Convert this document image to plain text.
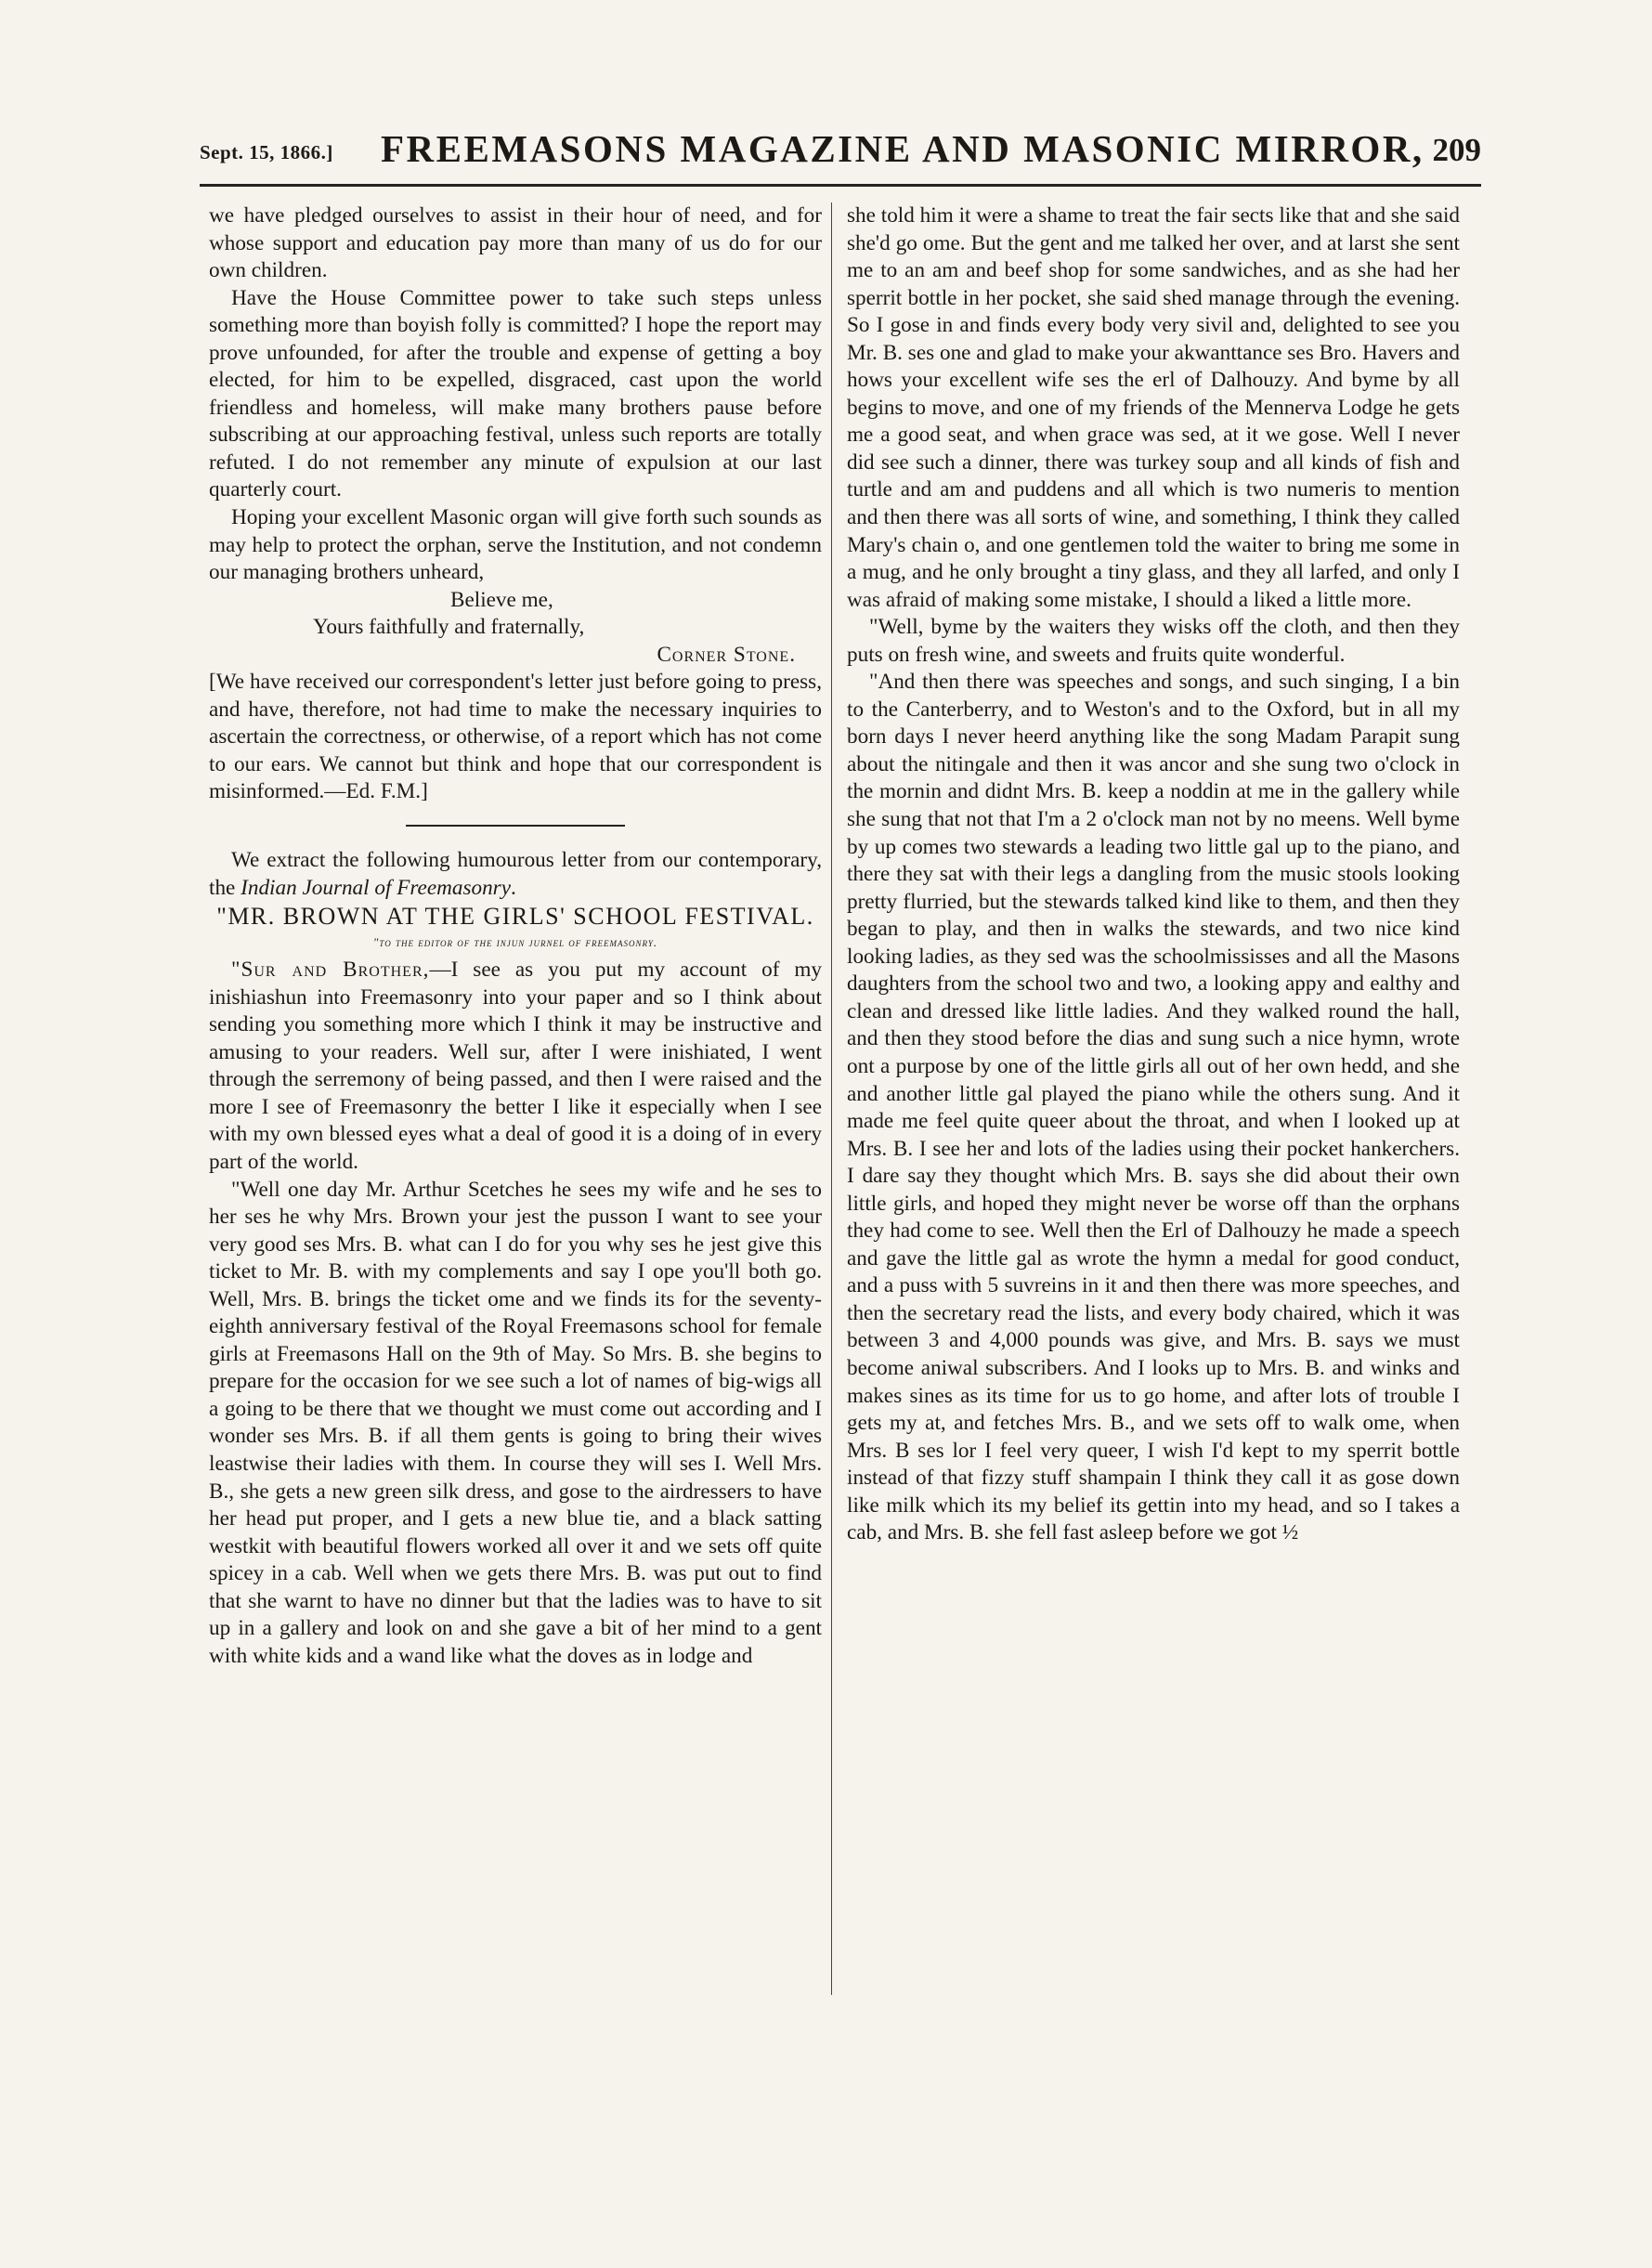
Sept. 15, 1866.] FREEMASONS MAGAZINE AND MASONIC MIRROR, 209

we have pledged ourselves to assist in their hour of need, and for whose support and education pay more than many of us do for our own children.

Have the House Committee power to take such steps unless something more than boyish folly is committed? I hope the report may prove unfounded, for after the trouble and expense of getting a boy elected, for him to be expelled, disgraced, cast upon the world friendless and homeless, will make many brothers pause before subscribing at our approaching festival, unless such reports are totally refuted. I do not remember any minute of expulsion at our last quarterly court.

Hoping your excellent Masonic organ will give forth such sounds as may help to protect the orphan, serve the Institution, and not condemn our managing brothers unheard,

Believe me,

Yours faithfully and fraternally,

Corner Stone.

[We have received our correspondent's letter just before going to press, and have, therefore, not had time to make the necessary inquiries to ascertain the correctness, or otherwise, of a report which has not come to our ears. We cannot but think and hope that our correspondent is misinformed.—Ed. F.M.]

We extract the following humourous letter from our contemporary, the Indian Journal of Freemasonry.

"MR. BROWN AT THE GIRLS' SCHOOL FESTIVAL.

"to the editor of the injun jurnel of freemasonry.

"Sur and Brother,—I see as you put my account of my inishiashun into Freemasonry into your paper and so I think about sending you something more which I think it may be instructive and amusing to your readers. Well sur, after I were inishiated, I went through the serremony of being passed, and then I were raised and the more I see of Freemasonry the better I like it especially when I see with my own blessed eyes what a deal of good it is a doing of in every part of the world.

"Well one day Mr. Arthur Scetches he sees my wife and he ses to her ses he why Mrs. Brown your jest the pusson I want to see your very good ses Mrs. B. what can I do for you why ses he jest give this ticket to Mr. B. with my complements and say I ope you'll both go. Well, Mrs. B. brings the ticket ome and we finds its for the seventy-eighth anniversary festival of the Royal Freemasons school for female girls at Freemasons Hall on the 9th of May. So Mrs. B. she begins to prepare for the occasion for we see such a lot of names of big-wigs all a going to be there that we thought we must come out according and I wonder ses Mrs. B. if all them gents is going to bring their wives leastwise their ladies with them. In course they will ses I. Well Mrs. B., she gets a new green silk dress, and gose to the airdressers to have her head put proper, and I gets a new blue tie, and a black satting westkit with beautiful flowers worked all over it and we sets off quite spicey in a cab. Well when we gets there Mrs. B. was put out to find that she warnt to have no dinner but that the ladies was to have to sit up in a gallery and look on and she gave a bit of her mind to a gent with white kids and a wand like what the doves as in lodge and

she told him it were a shame to treat the fair sects like that and she said she'd go ome. But the gent and me talked her over, and at larst she sent me to an am and beef shop for some sandwiches, and as she had her sperrit bottle in her pocket, she said shed manage through the evening. So I gose in and finds every body very sivil and, delighted to see you Mr. B. ses one and glad to make your akwanttance ses Bro. Havers and hows your excellent wife ses the erl of Dalhouzy. And byme by all begins to move, and one of my friends of the Mennerva Lodge he gets me a good seat, and when grace was sed, at it we gose. Well I never did see such a dinner, there was turkey soup and all kinds of fish and turtle and am and puddens and all which is two numeris to mention and then there was all sorts of wine, and something, I think they called Mary's chain o, and one gentlemen told the waiter to bring me some in a mug, and he only brought a tiny glass, and they all larfed, and only I was afraid of making some mistake, I should a liked a little more.

"Well, byme by the waiters they wisks off the cloth, and then they puts on fresh wine, and sweets and fruits quite wonderful.

"And then there was speeches and songs, and such singing, I a bin to the Canterberry, and to Weston's and to the Oxford, but in all my born days I never heerd anything like the song Madam Parapit sung about the nitingale and then it was ancor and she sung two o'clock in the mornin and didnt Mrs. B. keep a noddin at me in the gallery while she sung that not that I'm a 2 o'clock man not by no meens. Well byme by up comes two stewards a leading two little gal up to the piano, and there they sat with their legs a dangling from the music stools looking pretty flurried, but the stewards talked kind like to them, and then they began to play, and then in walks the stewards, and two nice kind looking ladies, as they sed was the schoolmississes and all the Masons daughters from the school two and two, a looking appy and ealthy and clean and dressed like little ladies. And they walked round the hall, and then they stood before the dias and sung such a nice hymn, wrote ont a purpose by one of the little girls all out of her own hedd, and she and another little gal played the piano while the others sung. And it made me feel quite queer about the throat, and when I looked up at Mrs. B. I see her and lots of the ladies using their pocket hankerchers. I dare say they thought which Mrs. B. says she did about their own little girls, and hoped they might never be worse off than the orphans they had come to see. Well then the Erl of Dalhouzy he made a speech and gave the little gal as wrote the hymn a medal for good conduct, and a puss with 5 suvreins in it and then there was more speeches, and then the secretary read the lists, and every body chaired, which it was between 3 and 4,000 pounds was give, and Mrs. B. says we must become aniwal subscribers. And I looks up to Mrs. B. and winks and makes sines as its time for us to go home, and after lots of trouble I gets my at, and fetches Mrs. B., and we sets off to walk ome, when Mrs. B ses lor I feel very queer, I wish I'd kept to my sperrit bottle instead of that fizzy stuff shampain I think they call it as gose down like milk which its my belief its gettin into my head, and so I takes a cab, and Mrs. B. she fell fast asleep before we got ½
